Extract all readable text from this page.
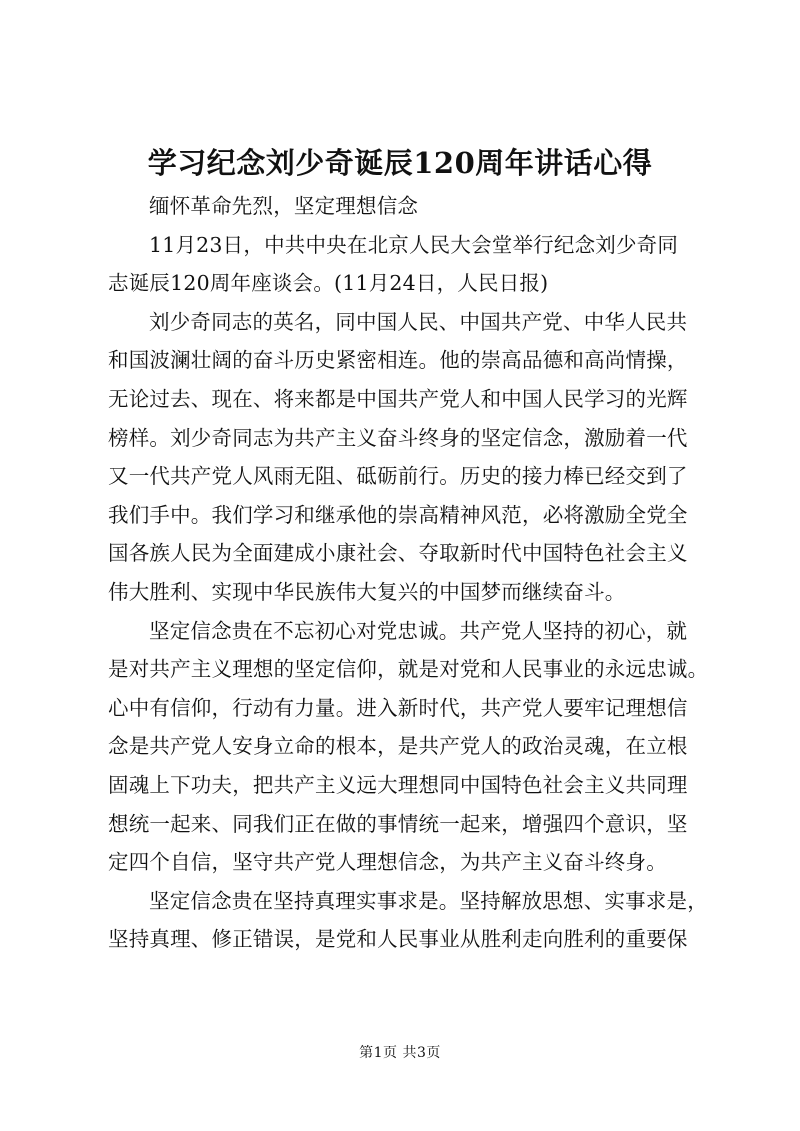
学习纪念刘少奇诞辰120周年讲话心得

缅怀革命先烈，坚定理想信念

11月23日，中共中央在北京人民大会堂举行纪念刘少奇同
志诞辰120周年座谈会。(11月24日，人民日报)

刘少奇同志的英名，同中国人民、中国共产党、中华人民共
和国波澜壮阔的奋斗历史紧密相连。他的崇高品德和高尚情操，
无论过去、现在、将来都是中国共产党人和中国人民学习的光辉
榜样。刘少奇同志为共产主义奋斗终身的坚定信念，激励着一代
又一代共产党人风雨无阻、砥砺前行。历史的接力棒已经交到了
我们手中。我们学习和继承他的崇高精神风范，必将激励全党全
国各族人民为全面建成小康社会、夺取新时代中国特色社会主义
伟大胜利、实现中华民族伟大复兴的中国梦而继续奋斗。

坚定信念贵在不忘初心对党忠诚。共产党人坚持的初心，就
是对共产主义理想的坚定信仰，就是对党和人民事业的永远忠诚。
心中有信仰，行动有力量。进入新时代，共产党人要牢记理想信
念是共产党人安身立命的根本，是共产党人的政治灵魂，在立根
固魂上下功夫，把共产主义远大理想同中国特色社会主义共同理
想统一起来、同我们正在做的事情统一起来，增强四个意识，坚
定四个自信，坚守共产党人理想信念，为共产主义奋斗终身。

坚定信念贵在坚持真理实事求是。坚持解放思想、实事求是，
坚持真理、修正错误，是党和人民事业从胜利走向胜利的重要保

第1页 共3页
